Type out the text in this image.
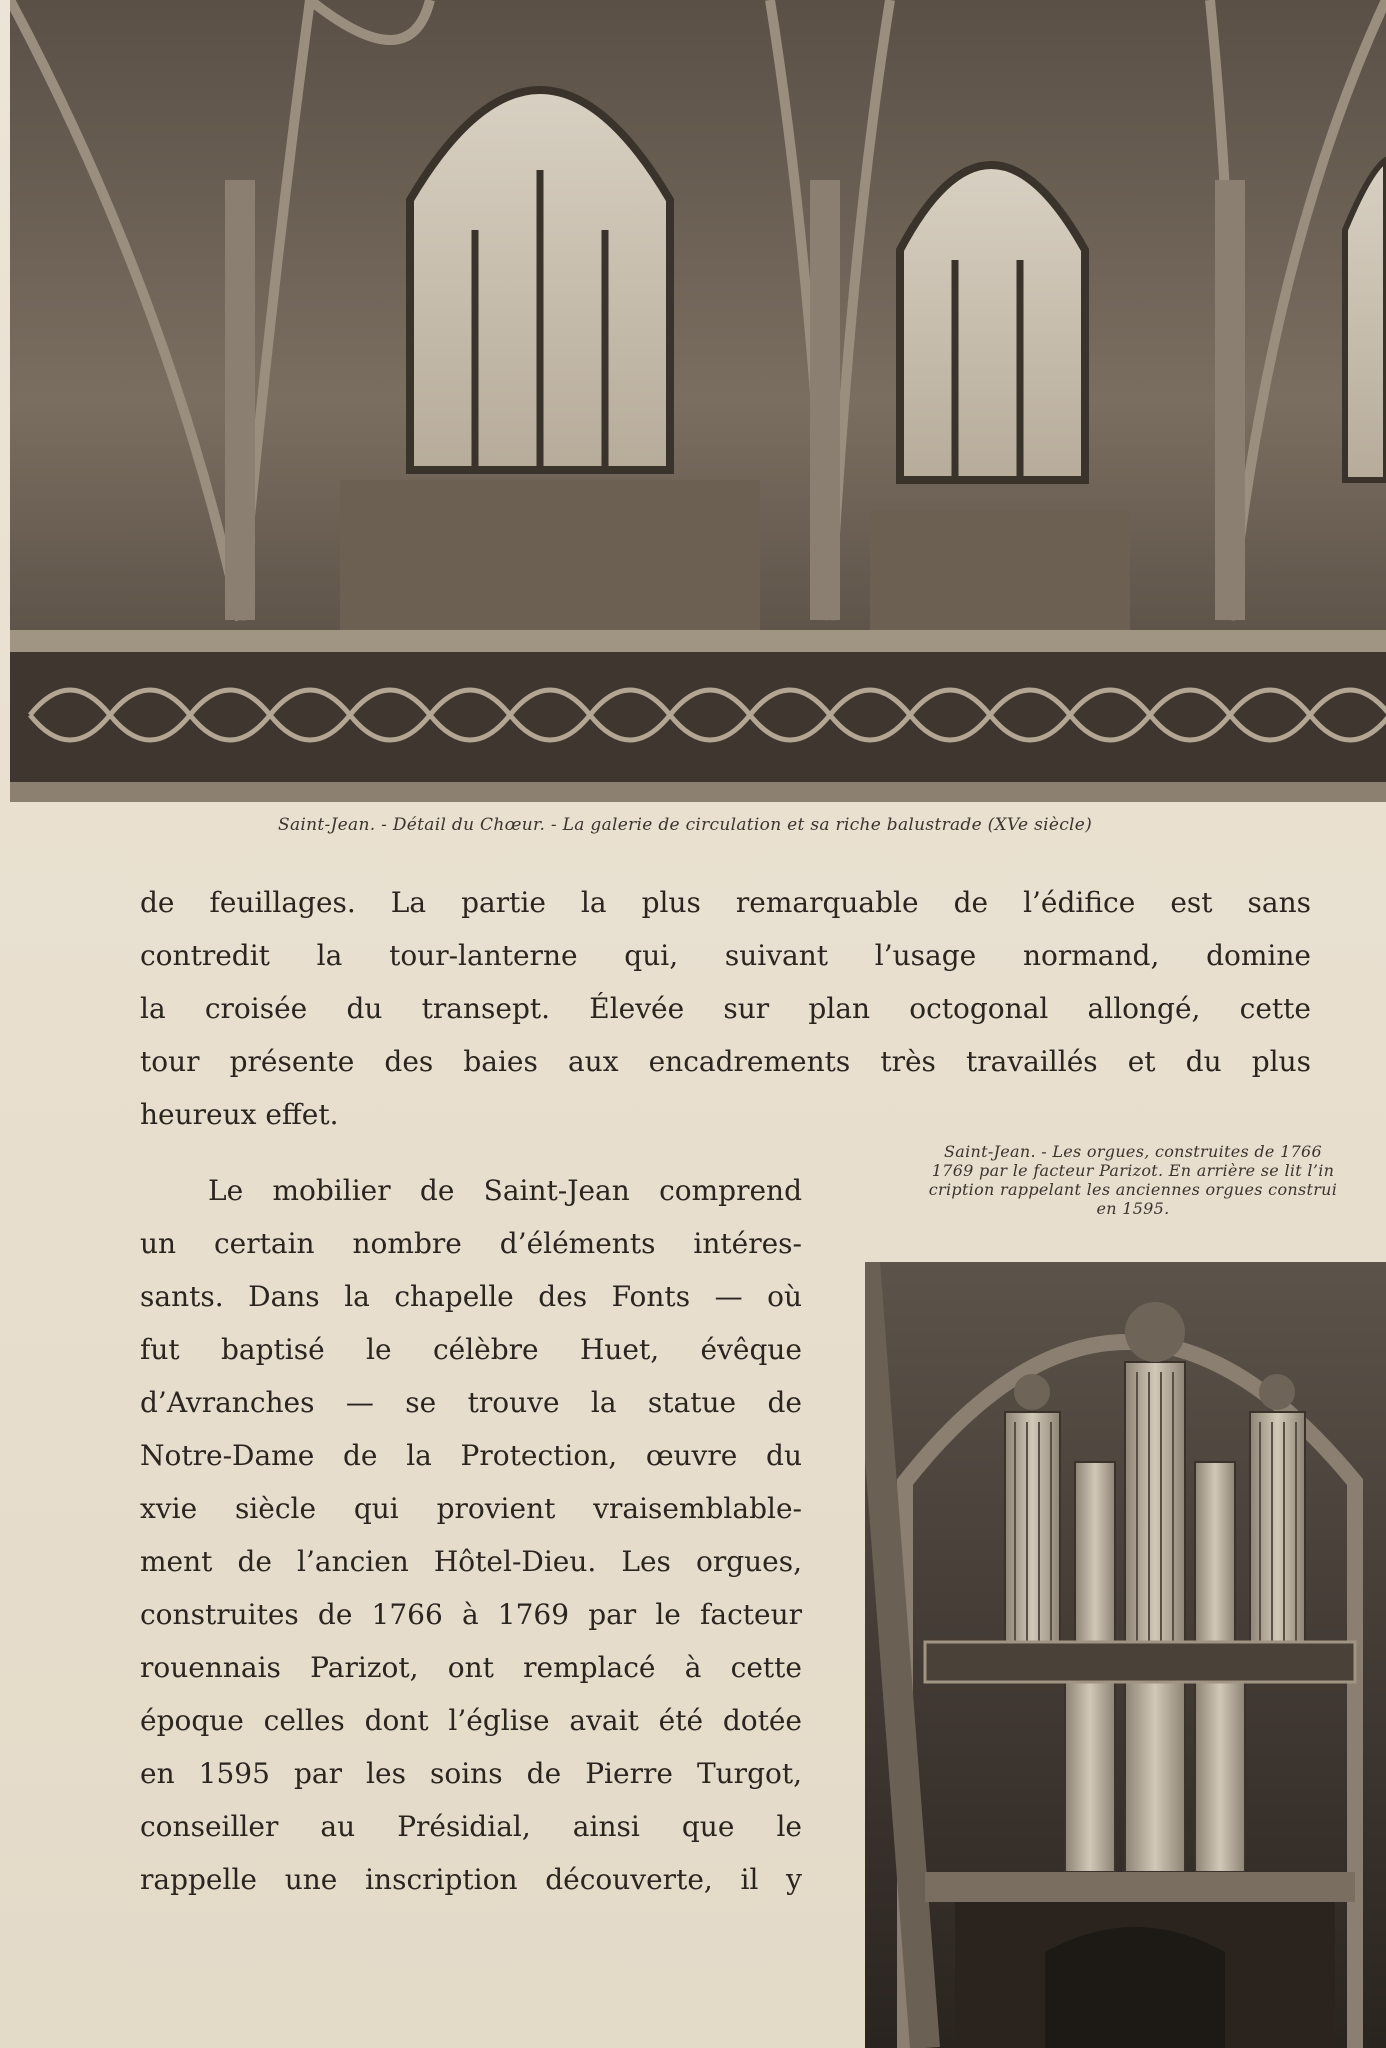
Saint-Jean. - Détail du Chœur. - La galerie de circulation et sa riche balustrade (XVe siècle)
de feuillages. La partie la plus remarquable de l’édifice est sans
contredit la tour-lanterne qui, suivant l’usage normand, domine
la croisée du transept. Élevée sur plan octogonal allongé, cette
tour présente des baies aux encadrements très travaillés et du plus
heureux effet.
Saint-Jean. - Les orgues, construites de 1766
1769 par le facteur Parizot. En arrière se lit l’in
cription rappelant les anciennes orgues construi
en 1595.
Le mobilier de Saint-Jean comprend
un certain nombre d’éléments intéres-
sants. Dans la chapelle des Fonts — où
fut baptisé le célèbre Huet, évêque
d’Avranches — se trouve la statue de
Notre-Dame de la Protection, œuvre du
xvie siècle qui provient vraisemblable-
ment de l’ancien Hôtel-Dieu. Les orgues,
construites de 1766 à 1769 par le facteur
rouennais Parizot, ont remplacé à cette
époque celles dont l’église avait été dotée
en 1595 par les soins de Pierre Turgot,
conseiller au Présidial, ainsi que le
rappelle une inscription découverte, il y
